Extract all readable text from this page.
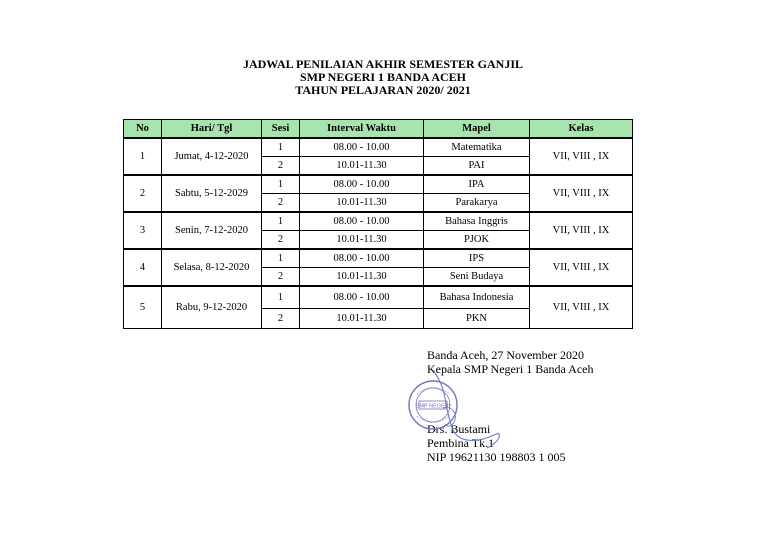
JADWAL PENILAIAN AKHIR SEMESTER GANJIL
SMP NEGERI 1 BANDA ACEH
TAHUN PELAJARAN 2020/ 2021
No	Hari/ Tgl	Sesi	Interval Waktu	Mapel	Kelas
1	Jumat, 4-12-2020	1	08.00 - 10.00	Matematika	VII, VIII , IX
		2	10.01-11.30	PAI	
2	Sabtu, 5-12-2029	1	08.00 - 10.00	IPA	VII, VIII , IX
		2	10.01-11.30	Parakarya	
3	Senin, 7-12-2020	1	08.00 - 10.00	Bahasa Inggris	VII, VIII , IX
		2	10.01-11.30	PJOK	
4	Selasa, 8-12-2020	1	08.00 - 10.00	IPS	VII, VIII , IX
		2	10.01-11.30	Seni Budaya	
5	Rabu, 9-12-2020	1	08.00 - 10.00	Bahasa Indonesia	VII, VIII , IX
		2	10.01-11.30	PKN	
Banda Aceh, 27 November 2020
Kepala SMP Negeri 1 Banda Aceh
Drs. Bustami
Pembina Tk.1
NIP 19621130 198803 1 005
SMP NEGERI
